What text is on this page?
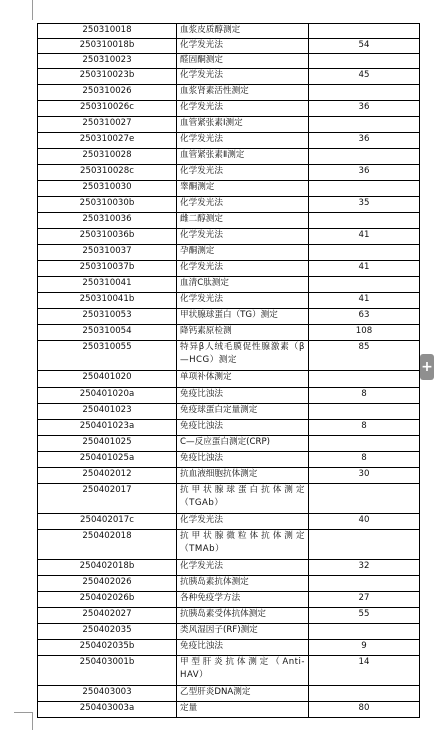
250310018	血浆皮质醇测定	
250310018b	化学发光法	54
250310023	醛固酮测定	
250310023b	化学发光法	45
250310026	血浆肾素活性测定	
250310026c	化学发光法	36
250310027	血管紧张素Ⅰ测定	
250310027e	化学发光法	36
250310028	血管紧张素Ⅱ测定	
250310028c	化学发光法	36
250310030	睾酮测定	
250310030b	化学发光法	35
250310036	雌二醇测定	
250310036b	化学发光法	41
250310037	孕酮测定	
250310037b	化学发光法	41
250310041	血清C肽测定	
250310041b	化学发光法	41
250310053	甲状腺球蛋白（TG）测定	63
250310054	降钙素原检测	108
250310055	特异β人绒毛膜促性腺激素（β—HCG）测定	85
250401020	单项补体测定	
250401020a	免疫比浊法	8
250401023	免疫球蛋白定量测定	
250401023a	免疫比浊法	8
250401025	C—反应蛋白测定(CRP)	
250401025a	免疫比浊法	8
250402012	抗血液细胞抗体测定	30
250402017	抗甲状腺球蛋白抗体测定（TGAb）	
250402017c	化学发光法	40
250402018	抗甲状腺微粒体抗体测定（TMAb）	
250402018b	化学发光法	32
250402026	抗胰岛素抗体测定	
250402026b	各种免疫学方法	27
250402027	抗胰岛素受体抗体测定	55
250402035	类风湿因子(RF)测定	
250402035b	免疫比浊法	9
250403001b	甲型肝炎抗体测定（Anti-HAV）	14
250403003	乙型肝炎DNA测定	
250403003a	定量	80
+
